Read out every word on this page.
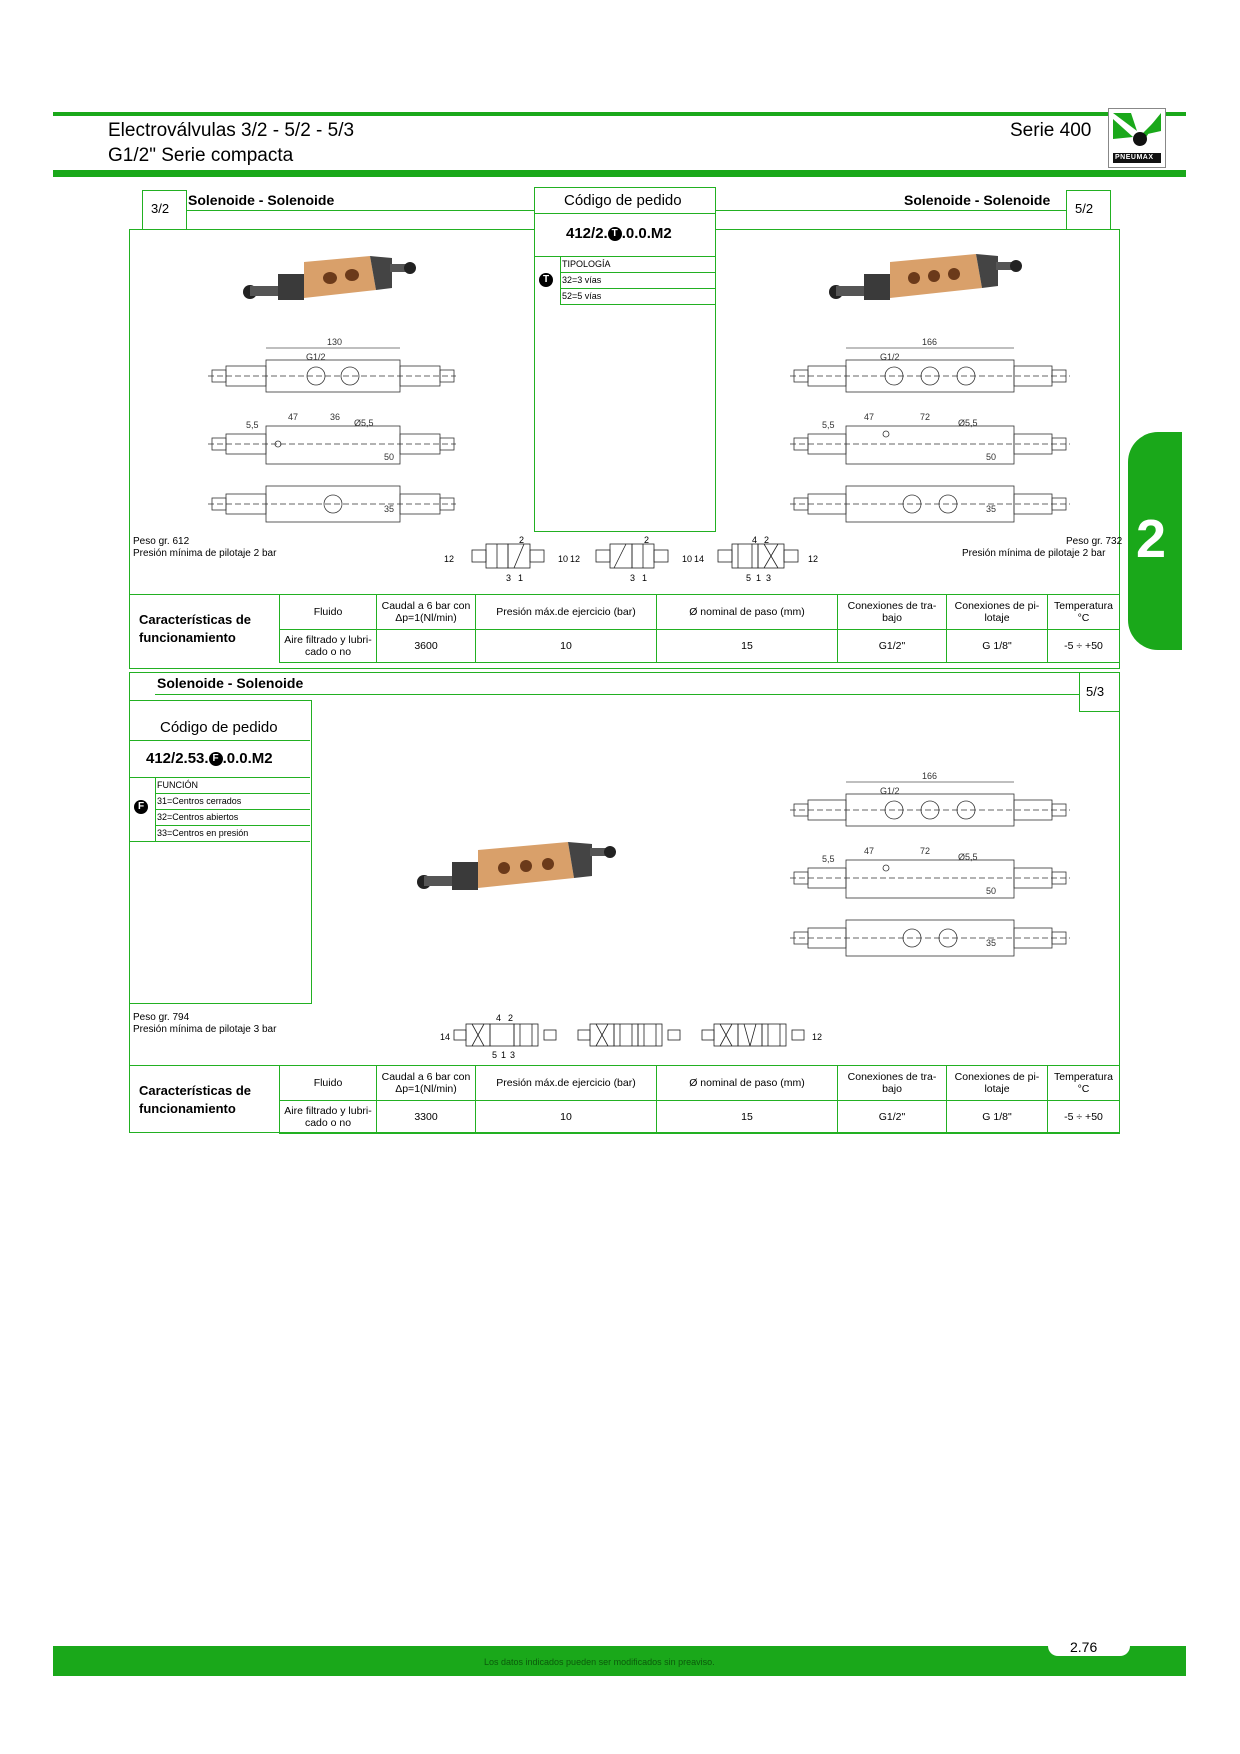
Electroválvulas 3/2 - 5/2 - 5/3
G1/2" Serie compacta
Serie 400
PNEUMAX
2
3/2
Solenoide - Solenoide
5/2
Solenoide - Solenoide
Código de pedido
412/2. T .0.0.M2
TIPOLOGÍA
T	32=3 vías
52=5 vías
130
G1/2
47	36
Ø5,5
5,5
50
35
166
G1/2
47	72
Ø5,5
5,5
50
35
Peso gr. 612
Presión mínima de pilotaje 2 bar
Peso gr. 732
Presión mínima de pilotaje 2 bar
12	10
2
3 1
12	10
2
3 1
14	12
4 2
5 1 3
Características de funcionamiento	Fluido	Caudal a 6 bar con Δp=1(Nl/min)	Presión máx.de ejercicio (bar)	Ø nominal de paso (mm)	Conexiones de tra-bajo	Conexiones de pi-lotaje	Temperatura °C
	Aire filtrado y lubri-cado o no	3600	10	15	G1/2"	G 1/8"	-5 ÷ +50
Solenoide - Solenoide
5/3
Código de pedido
412/2.53. F .0.0.M2
FUNCIÓN
F	31=Centros cerrados
32=Centros abiertos
33=Centros en presión
166
G1/2
47	72
Ø5,5
5,5
50
35
Peso gr. 794
Presión mínima de pilotaje 3 bar
14	12
4 2
5 1 3
Características de funcionamiento	Fluido	Caudal a 6 bar con Δp=1(Nl/min)	Presión máx.de ejercicio (bar)	Ø nominal de paso (mm)	Conexiones de tra-bajo	Conexiones de pi-lotaje	Temperatura °C
	Aire filtrado y lubri-cado o no	3300	10	15	G1/2"	G 1/8"	-5 ÷ +50
Los datos indicados pueden ser modificados sin preaviso.
2.76
